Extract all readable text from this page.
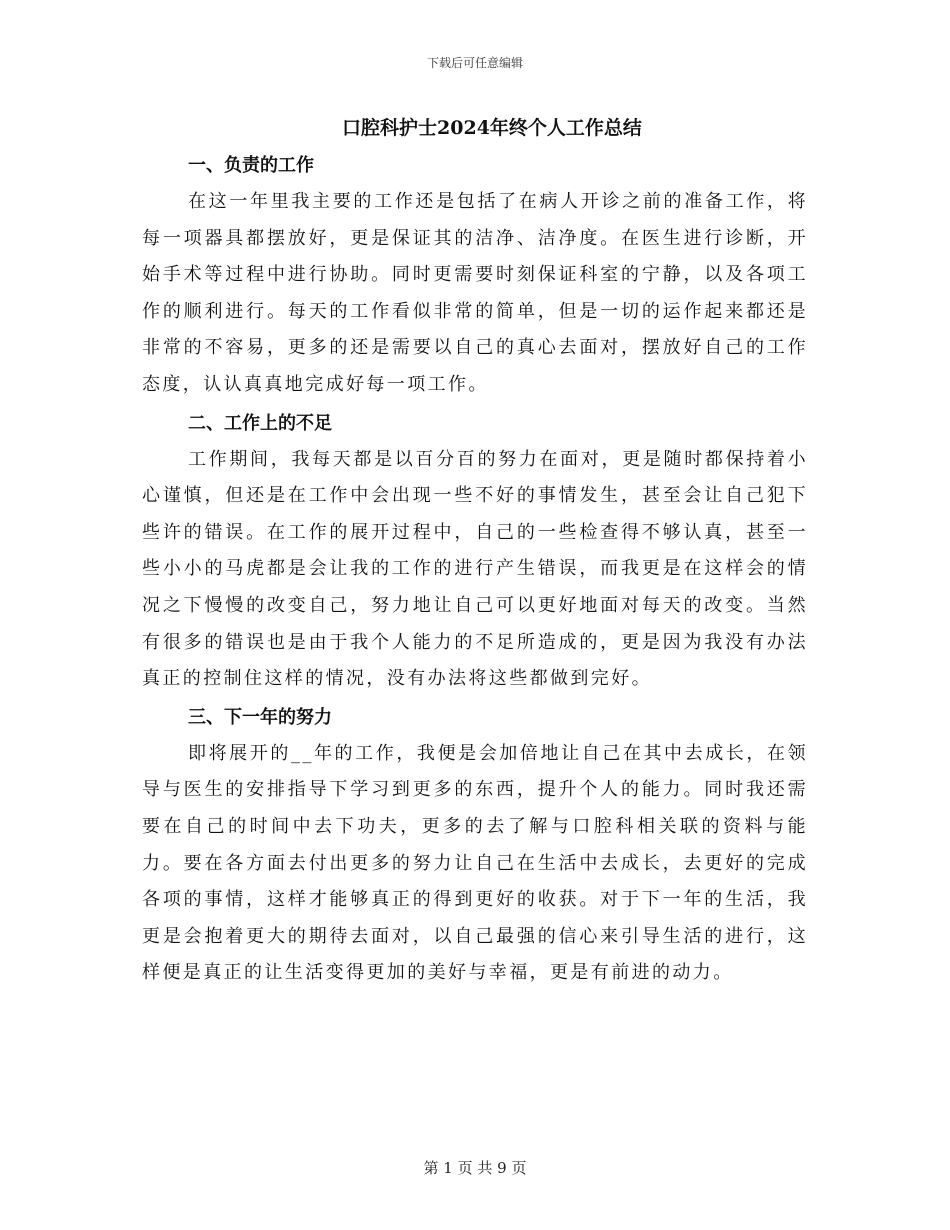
下载后可任意编辑
口腔科护士2024年终个人工作总结
一、负责的工作

在这一年里我主要的工作还是包括了在病人开诊之前的准备工作，将每一项器具都摆放好，更是保证其的洁净、洁净度。在医生进行诊断，开始手术等过程中进行协助。同时更需要时刻保证科室的宁静，以及各项工作的顺利进行。每天的工作看似非常的简单，但是一切的运作起来都还是非常的不容易，更多的还是需要以自己的真心去面对，摆放好自己的工作态度，认认真真地完成好每一项工作。

二、工作上的不足

工作期间，我每天都是以百分百的努力在面对，更是随时都保持着小心谨慎，但还是在工作中会出现一些不好的事情发生，甚至会让自己犯下些许的错误。在工作的展开过程中，自己的一些检查得不够认真，甚至一些小小的马虎都是会让我的工作的进行产生错误，而我更是在这样会的情况之下慢慢的改变自己，努力地让自己可以更好地面对每天的改变。当然有很多的错误也是由于我个人能力的不足所造成的，更是因为我没有办法真正的控制住这样的情况，没有办法将这些都做到完好。

三、下一年的努力

即将展开的__年的工作，我便是会加倍地让自己在其中去成长，在领导与医生的安排指导下学习到更多的东西，提升个人的能力。同时我还需要在自己的时间中去下功夫，更多的去了解与口腔科相关联的资料与能力。要在各方面去付出更多的努力让自己在生活中去成长，去更好的完成各项的事情，这样才能够真正的得到更好的收获。对于下一年的生活，我更是会抱着更大的期待去面对，以自己最强的信心来引导生活的进行，这样便是真正的让生活变得更加的美好与幸福，更是有前进的动力。

第 1 页 共 9 页
